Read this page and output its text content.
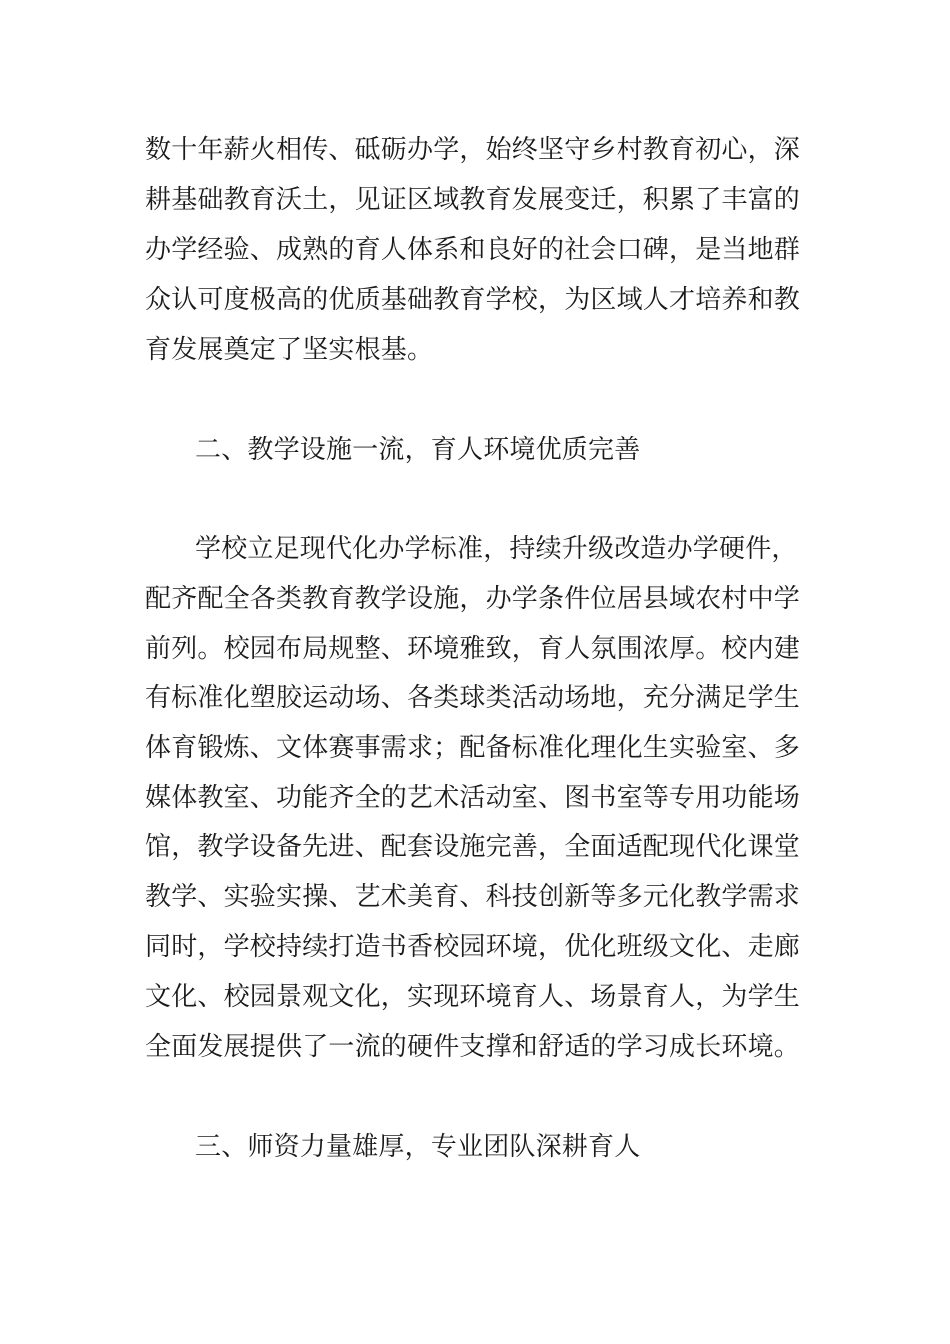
数十年薪火相传、砥砺办学，始终坚守乡村教育初心，深
耕基础教育沃土，见证区域教育发展变迁，积累了丰富的
办学经验、成熟的育人体系和良好的社会口碑，是当地群
众认可度极高的优质基础教育学校，为区域人才培养和教
育发展奠定了坚实根基。
二、教学设施一流，育人环境优质完善
学校立足现代化办学标准，持续升级改造办学硬件，
配齐配全各类教育教学设施，办学条件位居县域农村中学
前列。校园布局规整、环境雅致，育人氛围浓厚。校内建
有标准化塑胶运动场、各类球类活动场地，充分满足学生
体育锻炼、文体赛事需求；配备标准化理化生实验室、多
媒体教室、功能齐全的艺术活动室、图书室等专用功能场
馆，教学设备先进、配套设施完善，全面适配现代化课堂
教学、实验实操、艺术美育、科技创新等多元化教学需求
同时，学校持续打造书香校园环境，优化班级文化、走廊
文化、校园景观文化，实现环境育人、场景育人，为学生
全面发展提供了一流的硬件支撑和舒适的学习成长环境。
三、师资力量雄厚，专业团队深耕育人
